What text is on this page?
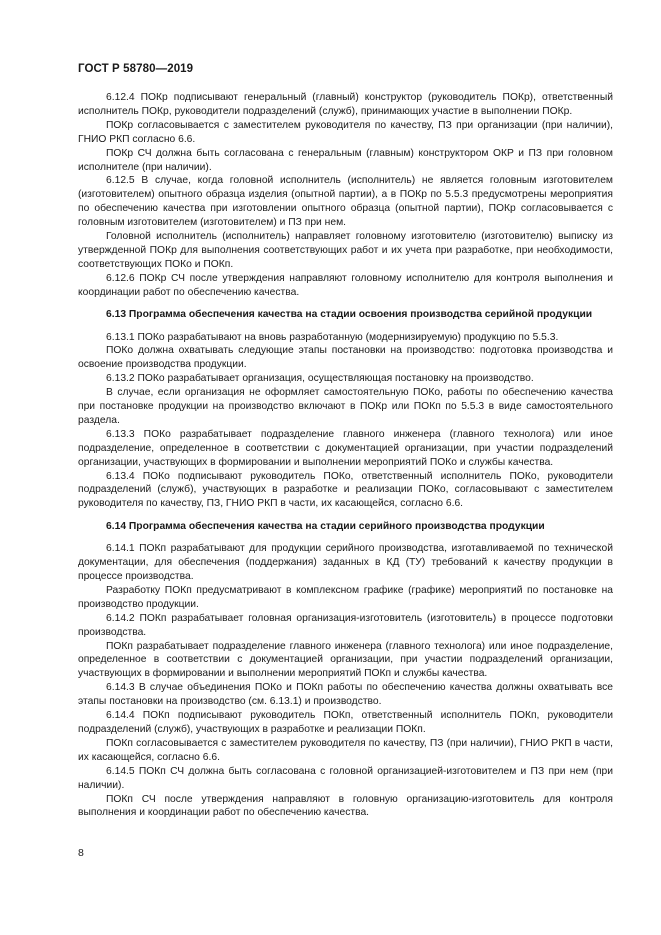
ГОСТ Р 58780—2019

6.12.4 ПОКр подписывают генеральный (главный) конструктор (руководитель ПОКр), ответственный исполнитель ПОКр, руководители подразделений (служб), принимающих участие в выполнении ПОКр.

ПОКр согласовывается с заместителем руководителя по качеству, ПЗ при организации (при наличии), ГНИО РКП согласно 6.6.

ПОКр СЧ должна быть согласована с генеральным (главным) конструктором ОКР и ПЗ при головном исполнителе (при наличии).

6.12.5 В случае, когда головной исполнитель (исполнитель) не является головным изготовителем (изготовителем) опытного образца изделия (опытной партии), а в ПОКр по 5.5.3 предусмотрены мероприятия по обеспечению качества при изготовлении опытного образца (опытной партии), ПОКр согласовывается с головным изготовителем (изготовителем) и ПЗ при нем.

Головной исполнитель (исполнитель) направляет головному изготовителю (изготовителю) выписку из утвержденной ПОКр для выполнения соответствующих работ и их учета при разработке, при необходимости, соответствующих ПОКо и ПОКп.

6.12.6 ПОКр СЧ после утверждения направляют головному исполнителю для контроля выполнения и координации работ по обеспечению качества.

6.13 Программа обеспечения качества на стадии освоения производства серийной продукции

6.13.1 ПОКо разрабатывают на вновь разработанную (модернизируемую) продукцию по 5.5.3.

ПОКо должна охватывать следующие этапы постановки на производство: подготовка производства и освоение производства продукции.

6.13.2 ПОКо разрабатывает организация, осуществляющая постановку на производство.

В случае, если организация не оформляет самостоятельную ПОКо, работы по обеспечению качества при постановке продукции на производство включают в ПОКр или ПОКп по 5.5.3 в виде самостоятельного раздела.

6.13.3 ПОКо разрабатывает подразделение главного инженера (главного технолога) или иное подразделение, определенное в соответствии с документацией организации, при участии подразделений организации, участвующих в формировании и выполнении мероприятий ПОКо и службы качества.

6.13.4 ПОКо подписывают руководитель ПОКо, ответственный исполнитель ПОКо, руководители подразделений (служб), участвующих в разработке и реализации ПОКо, согласовывают с заместителем руководителя по качеству, ПЗ, ГНИО РКП в части, их касающейся, согласно 6.6.

6.14 Программа обеспечения качества на стадии серийного производства продукции

6.14.1 ПОКп разрабатывают для продукции серийного производства, изготавливаемой по технической документации, для обеспечения (поддержания) заданных в КД (ТУ) требований к качеству продукции в процессе производства.

Разработку ПОКп предусматривают в комплексном графике (графике) мероприятий по постановке на производство продукции.

6.14.2 ПОКп разрабатывает головная организация-изготовитель (изготовитель) в процессе подготовки производства.

ПОКп разрабатывает подразделение главного инженера (главного технолога) или иное подразделение, определенное в соответствии с документацией организации, при участии подразделений организации, участвующих в формировании и выполнении мероприятий ПОКп и службы качества.

6.14.3 В случае объединения ПОКо и ПОКп работы по обеспечению качества должны охватывать все этапы постановки на производство (см. 6.13.1) и производство.

6.14.4 ПОКп подписывают руководитель ПОКп, ответственный исполнитель ПОКп, руководители подразделений (служб), участвующих в разработке и реализации ПОКп.

ПОКп согласовывается с заместителем руководителя по качеству, ПЗ (при наличии), ГНИО РКП в части, их касающейся, согласно 6.6.

6.14.5 ПОКп СЧ должна быть согласована с головной организацией-изготовителем и ПЗ при нем (при наличии).

ПОКп СЧ после утверждения направляют в головную организацию-изготовитель для контроля выполнения и координации работ по обеспечению качества.

8
